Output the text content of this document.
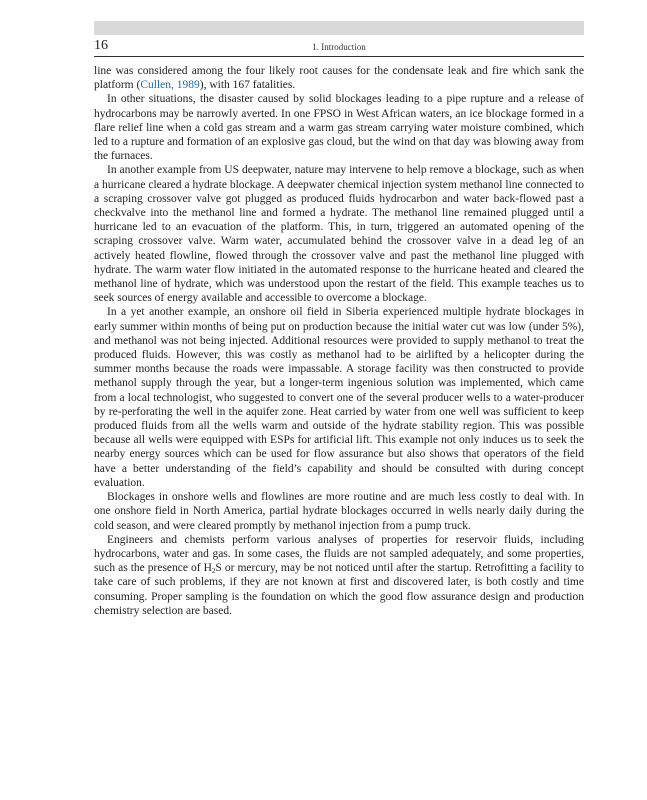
16	1. Introduction

line was considered among the four likely root causes for the condensate leak and fire which sank the platform (Cullen, 1989), with 167 fatalities.

In other situations, the disaster caused by solid blockages leading to a pipe rupture and a release of hydrocarbons may be narrowly averted. In one FPSO in West African waters, an ice blockage formed in a flare relief line when a cold gas stream and a warm gas stream carrying water moisture combined, which led to a rupture and formation of an explosive gas cloud, but the wind on that day was blowing away from the furnaces.

In another example from US deepwater, nature may intervene to help remove a blockage, such as when a hurricane cleared a hydrate blockage. A deepwater chemical injection system methanol line connected to a scraping crossover valve got plugged as produced fluids hydrocarbon and water back-flowed past a checkvalve into the methanol line and formed a hydrate. The methanol line remained plugged until a hurricane led to an evacuation of the platform. This, in turn, triggered an automated opening of the scraping crossover valve. Warm water, accumulated behind the crossover valve in a dead leg of an actively heated flowline, flowed through the crossover valve and past the methanol line plugged with hydrate. The warm water flow initiated in the automated response to the hurricane heated and cleared the methanol line of hydrate, which was understood upon the restart of the field. This example teaches us to seek sources of energy available and accessible to overcome a blockage.

In a yet another example, an onshore oil field in Siberia experienced multiple hydrate blockages in early summer within months of being put on production because the initial water cut was low (under 5%), and methanol was not being injected. Additional resources were provided to supply methanol to treat the produced fluids. However, this was costly as methanol had to be airlifted by a helicopter during the summer months because the roads were impassable. A storage facility was then constructed to provide methanol supply through the year, but a longer-term ingenious solution was implemented, which came from a local technologist, who suggested to convert one of the several producer wells to a water-producer by re-perforating the well in the aquifer zone. Heat carried by water from one well was sufficient to keep produced fluids from all the wells warm and outside of the hydrate stability region. This was possible because all wells were equipped with ESPs for artificial lift. This example not only induces us to seek the nearby energy sources which can be used for flow assurance but also shows that operators of the field have a better understanding of the field’s capability and should be consulted with during concept evaluation.

Blockages in onshore wells and flowlines are more routine and are much less costly to deal with. In one onshore field in North America, partial hydrate blockages occurred in wells nearly daily during the cold season, and were cleared promptly by methanol injection from a pump truck.

Engineers and chemists perform various analyses of properties for reservoir fluids, including hydrocarbons, water and gas. In some cases, the fluids are not sampled adequately, and some properties, such as the presence of $H_2S$ or mercury, may be not noticed until after the startup. Retrofitting a facility to take care of such problems, if they are not known at first and discovered later, is both costly and time consuming. Proper sampling is the foundation on which the good flow assurance design and production chemistry selection are based.
